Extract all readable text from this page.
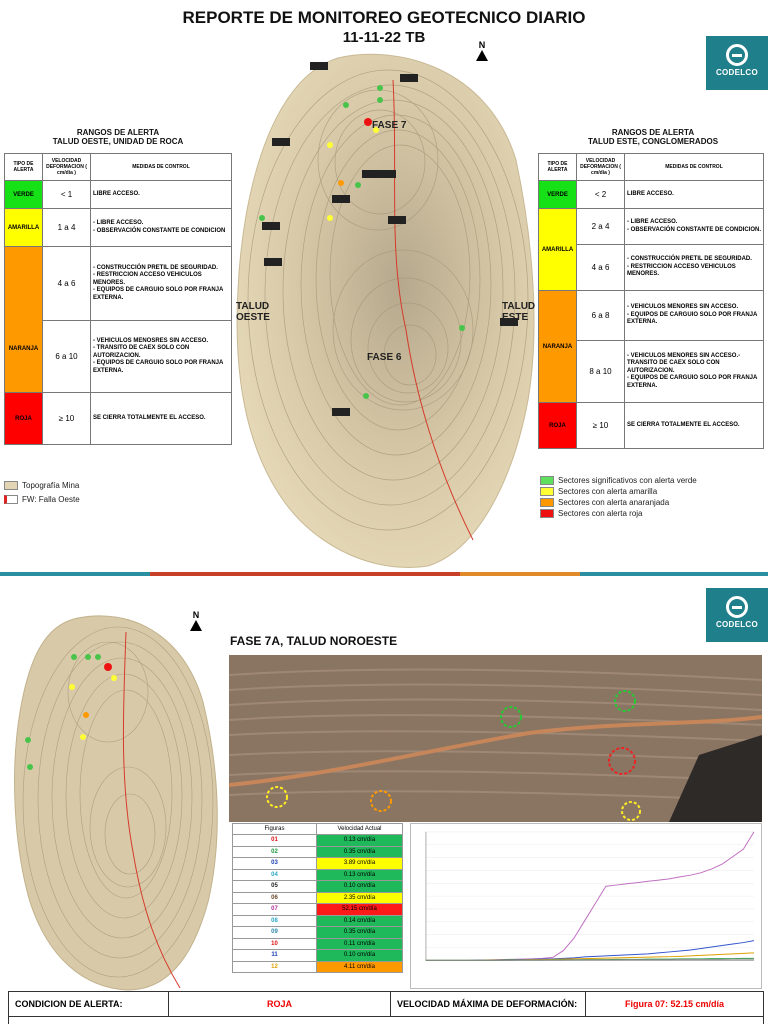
REPORTE DE MONITOREO GEOTECNICO DIARIO
11-11-22 TB	N
CODELCO
FASE 7
FASE 6
TALUD
OESTE
TALUD
ESTE
RANGOS DE ALERTA
TALUD OESTE, UNIDAD DE ROCA
TIPO DE ALERTA	VELOCIDAD DEFORMACION ( cm/dia )	MEDIDAS DE CONTROL
VERDE	< 1	LIBRE ACCESO.
AMARILLA	1 a 4	- LIBRE ACCESO.
- OBSERVACIÓN CONSTANTE DE CONDICION
NARANJA	4 a 6	- CONSTRUCCIÓN PRETIL DE SEGURIDAD.
- RESTRICCION ACCESO VEHICULOS MENORES.
- EQUIPOS DE CARGUIO SOLO POR FRANJA EXTERNA.
	6 a 10	- VEHICULOS MENOSRES SIN ACCESO.
- TRANSITO DE CAEX SOLO CON AUTORIZACION.
- EQUIPOS DE CARGUIO SOLO POR FRANJA EXTERNA.
ROJA	≥ 10	SE CIERRA TOTALMENTE EL ACCESO.
RANGOS DE ALERTA
TALUD ESTE, CONGLOMERADOS
TIPO DE ALERTA	VELOCIDAD DEFORMACION ( cm/dia )	MEDIDAS DE CONTROL
VERDE	< 2	LIBRE ACCESO.
AMARILLA	2 a 4	- LIBRE ACCESO.
- OBSERVACIÓN CONSTANTE DE CONDICION.
	4 a 6	- CONSTRUCCIÓN PRETIL DE SEGURIDAD.
- RESTRICCION ACCESO VEHICULOS MENORES.
NARANJA	6 a 8	- VEHICULOS MENORES SIN ACCESO.
- EQUIPOS DE CARGUIO SOLO POR FRANJA EXTERNA.
	8 a 10	- VEHICULOS MENORES SIN ACCESO.-
TRANSITO DE CAEX SOLO CON AUTORIZACION.
- EQUIPOS DE CARGUIO SOLO POR FRANJA EXTERNA.
ROJA	≥ 10	SE CIERRA TOTALMENTE EL ACCESO.
Topografía Mina
FW: Falla Oeste
Sectores significativos con alerta verde
Sectores con alerta amarilla
Sectores con alerta anaranjada
Sectores con alerta roja
N
CODELCO
FASE 7A, TALUD NOROESTE
Figuras	Velocidad Actual
01	0.13 cm/día
02	0.35 cm/día
03	3.89 cm/día
04	0.13 cm/día
05	0.10 cm/día
06	2.35 cm/día
07	52.15 cm/día
08	0.14 cm/día
09	0.35 cm/día
10	0.11 cm/día
11	0.10 cm/día
12	4.11 cm/día
CONDICION DE ALERTA:	ROJA	VELOCIDAD MÁXIMA DE DEFORMACIÓN:	Figura 07: 52.15 cm/día
